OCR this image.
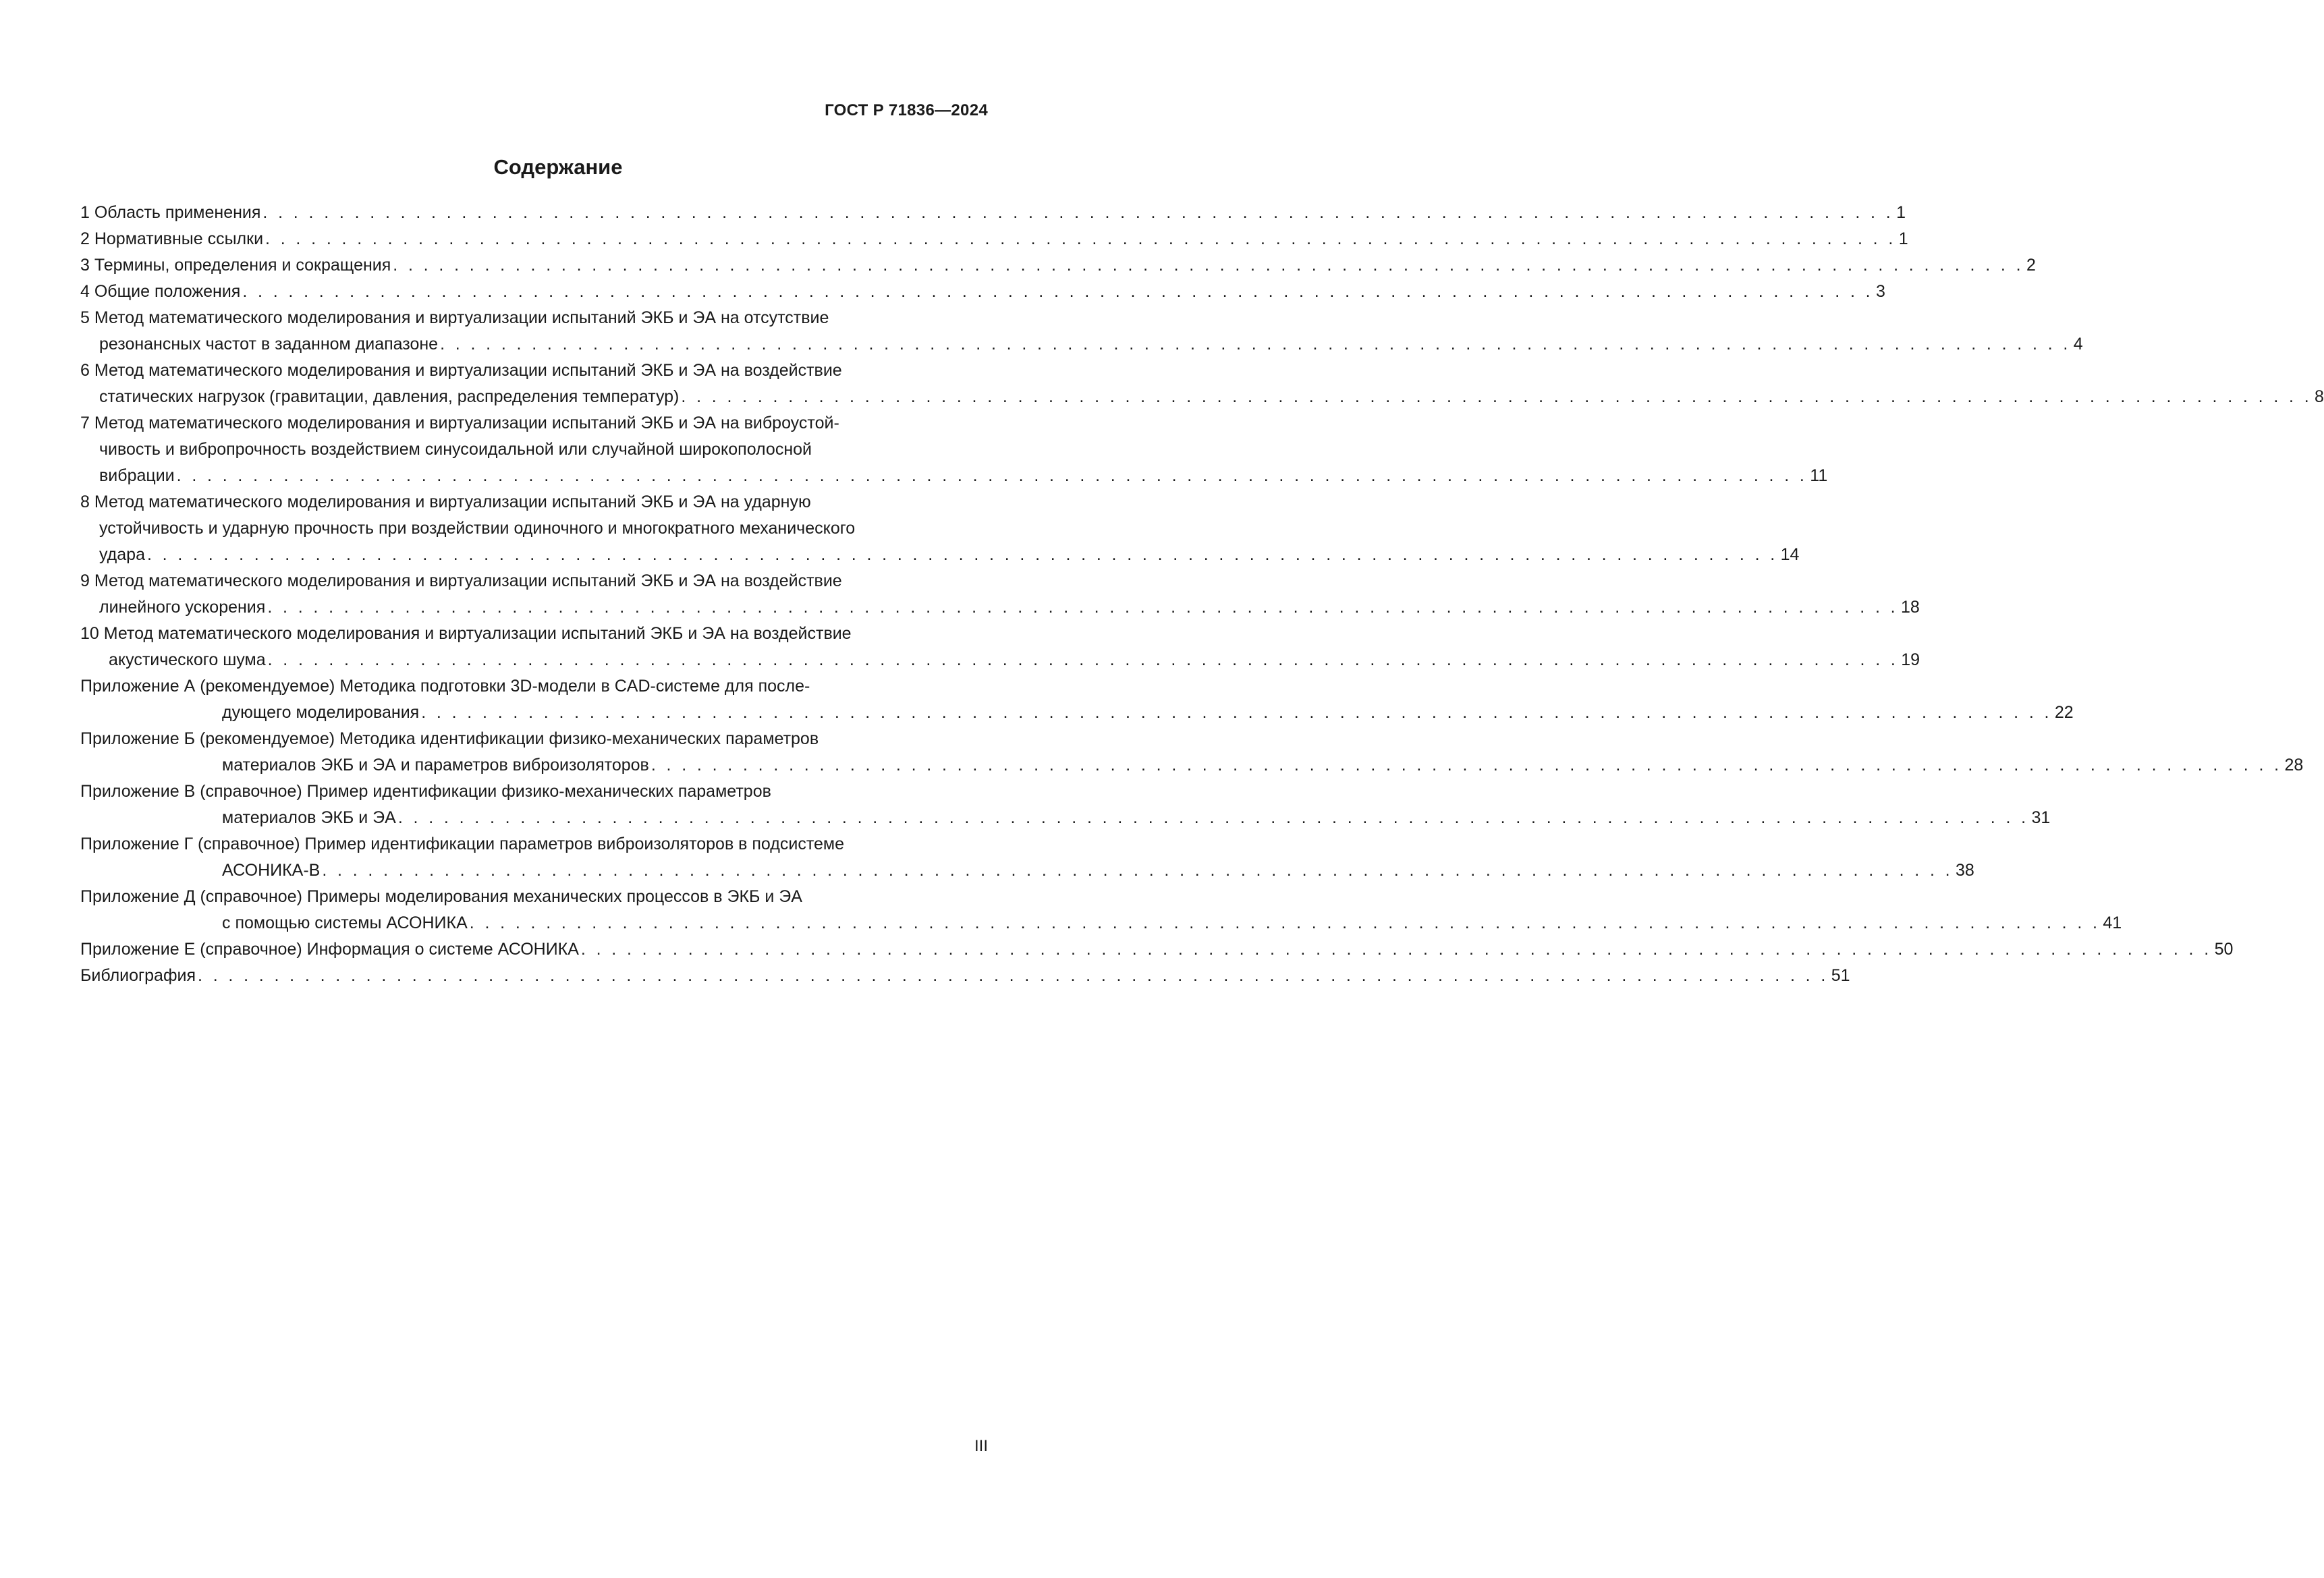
ГОСТ Р 71836—2024
Содержание
1 Область применения . . . . . . . . . . . . . . . . . . . . . . . . . . . . . . . . . . . . . . . . . . . . . . . . . . . . . . . . . . . . . . . . . . . . . . . . . . . . . . . . . . . . . . . . . . . . . . . . . . . . . . . . . . . 1
2 Нормативные ссылки . . . . . . . . . . . . . . . . . . . . . . . . . . . . . . . . . . . . . . . . . . . . . . . . . . . . . . . . . . . . . . . . . . . . . . . . . . . . . . . . . . . . . . . . . . . . . . . . . . . . . . . . . . . 1
3 Термины, определения и сокращения . . . . . . . . . . . . . . . . . . . . . . . . . . . . . . . . . . . . . . . . . . . . . . . . . . . . . . . . . . . . . . . . . . . . . . . . . . . . . . . . . . . . . . . . . . . . . . . . . . . . . . . . . . . 2
4 Общие положения . . . . . . . . . . . . . . . . . . . . . . . . . . . . . . . . . . . . . . . . . . . . . . . . . . . . . . . . . . . . . . . . . . . . . . . . . . . . . . . . . . . . . . . . . . . . . . . . . . . . . . . . . . . 3
5 Метод математического моделирования и виртуализации испытаний ЭКБ и ЭА на отсутствие
резонансных частот в заданном диапазоне . . . . . . . . . . . . . . . . . . . . . . . . . . . . . . . . . . . . . . . . . . . . . . . . . . . . . . . . . . . . . . . . . . . . . . . . . . . . . . . . . . . . . . . . . . . . . . . . . . . . . . . . . . . 4
6 Метод математического моделирования и виртуализации испытаний ЭКБ и ЭА на воздействие
статических нагрузок (гравитации, давления, распределения температур) . . . . . . . . . . . . . . . . . . . . . . . . . . . . . . . . . . . . . . . . . . . . . . . . . . . . . . . . . . . . . . . . . . . . . . . . . . . . . . . . . . . . . . . . . . . . . . . . . . . . . . . . . . . 8
7 Метод математического моделирования и виртуализации испытаний ЭКБ и ЭА на виброустой-
чивость и вибропрочность воздействием синусоидальной или случайной широкополосной
вибрации . . . . . . . . . . . . . . . . . . . . . . . . . . . . . . . . . . . . . . . . . . . . . . . . . . . . . . . . . . . . . . . . . . . . . . . . . . . . . . . . . . . . . . . . . . . . . . . . . . . . . . . . . . . 11
8 Метод математического моделирования и виртуализации испытаний ЭКБ и ЭА на ударную
устойчивость и ударную прочность при воздействии одиночного и многократного механического
удара . . . . . . . . . . . . . . . . . . . . . . . . . . . . . . . . . . . . . . . . . . . . . . . . . . . . . . . . . . . . . . . . . . . . . . . . . . . . . . . . . . . . . . . . . . . . . . . . . . . . . . . . . . . 14
9 Метод математического моделирования и виртуализации испытаний ЭКБ и ЭА на воздействие
линейного ускорения . . . . . . . . . . . . . . . . . . . . . . . . . . . . . . . . . . . . . . . . . . . . . . . . . . . . . . . . . . . . . . . . . . . . . . . . . . . . . . . . . . . . . . . . . . . . . . . . . . . . . . . . . . . 18
10 Метод математического моделирования и виртуализации испытаний ЭКБ и ЭА на воздействие
акустического шума . . . . . . . . . . . . . . . . . . . . . . . . . . . . . . . . . . . . . . . . . . . . . . . . . . . . . . . . . . . . . . . . . . . . . . . . . . . . . . . . . . . . . . . . . . . . . . . . . . . . . . . . . . . 19
Приложение А (рекомендуемое) Методика подготовки 3D-модели в CAD-системе для после-
дующего моделирования . . . . . . . . . . . . . . . . . . . . . . . . . . . . . . . . . . . . . . . . . . . . . . . . . . . . . . . . . . . . . . . . . . . . . . . . . . . . . . . . . . . . . . . . . . . . . . . . . . . . . . . . . . . 22
Приложение Б (рекомендуемое) Методика идентификации физико-механических параметров
материалов ЭКБ и ЭА и параметров виброизоляторов . . . . . . . . . . . . . . . . . . . . . . . . . . . . . . . . . . . . . . . . . . . . . . . . . . . . . . . . . . . . . . . . . . . . . . . . . . . . . . . . . . . . . . . . . . . . . . . . . . . . . . . . . . . 28
Приложение В (справочное) Пример идентификации физико-механических параметров
материалов ЭКБ и ЭА . . . . . . . . . . . . . . . . . . . . . . . . . . . . . . . . . . . . . . . . . . . . . . . . . . . . . . . . . . . . . . . . . . . . . . . . . . . . . . . . . . . . . . . . . . . . . . . . . . . . . . . . . . . 31
Приложение Г (справочное) Пример идентификации параметров виброизоляторов в подсистеме
АСОНИКА-В . . . . . . . . . . . . . . . . . . . . . . . . . . . . . . . . . . . . . . . . . . . . . . . . . . . . . . . . . . . . . . . . . . . . . . . . . . . . . . . . . . . . . . . . . . . . . . . . . . . . . . . . . . . 38
Приложение Д (справочное) Примеры моделирования механических процессов в ЭКБ и ЭА
с помощью системы АСОНИКА . . . . . . . . . . . . . . . . . . . . . . . . . . . . . . . . . . . . . . . . . . . . . . . . . . . . . . . . . . . . . . . . . . . . . . . . . . . . . . . . . . . . . . . . . . . . . . . . . . . . . . . . . . . 41
Приложение Е (справочное) Информация о системе АСОНИКА . . . . . . . . . . . . . . . . . . . . . . . . . . . . . . . . . . . . . . . . . . . . . . . . . . . . . . . . . . . . . . . . . . . . . . . . . . . . . . . . . . . . . . . . . . . . . . . . . . . . . . . . . . . 50
Библиография . . . . . . . . . . . . . . . . . . . . . . . . . . . . . . . . . . . . . . . . . . . . . . . . . . . . . . . . . . . . . . . . . . . . . . . . . . . . . . . . . . . . . . . . . . . . . . . . . . . . . . . . . . . 51
III
